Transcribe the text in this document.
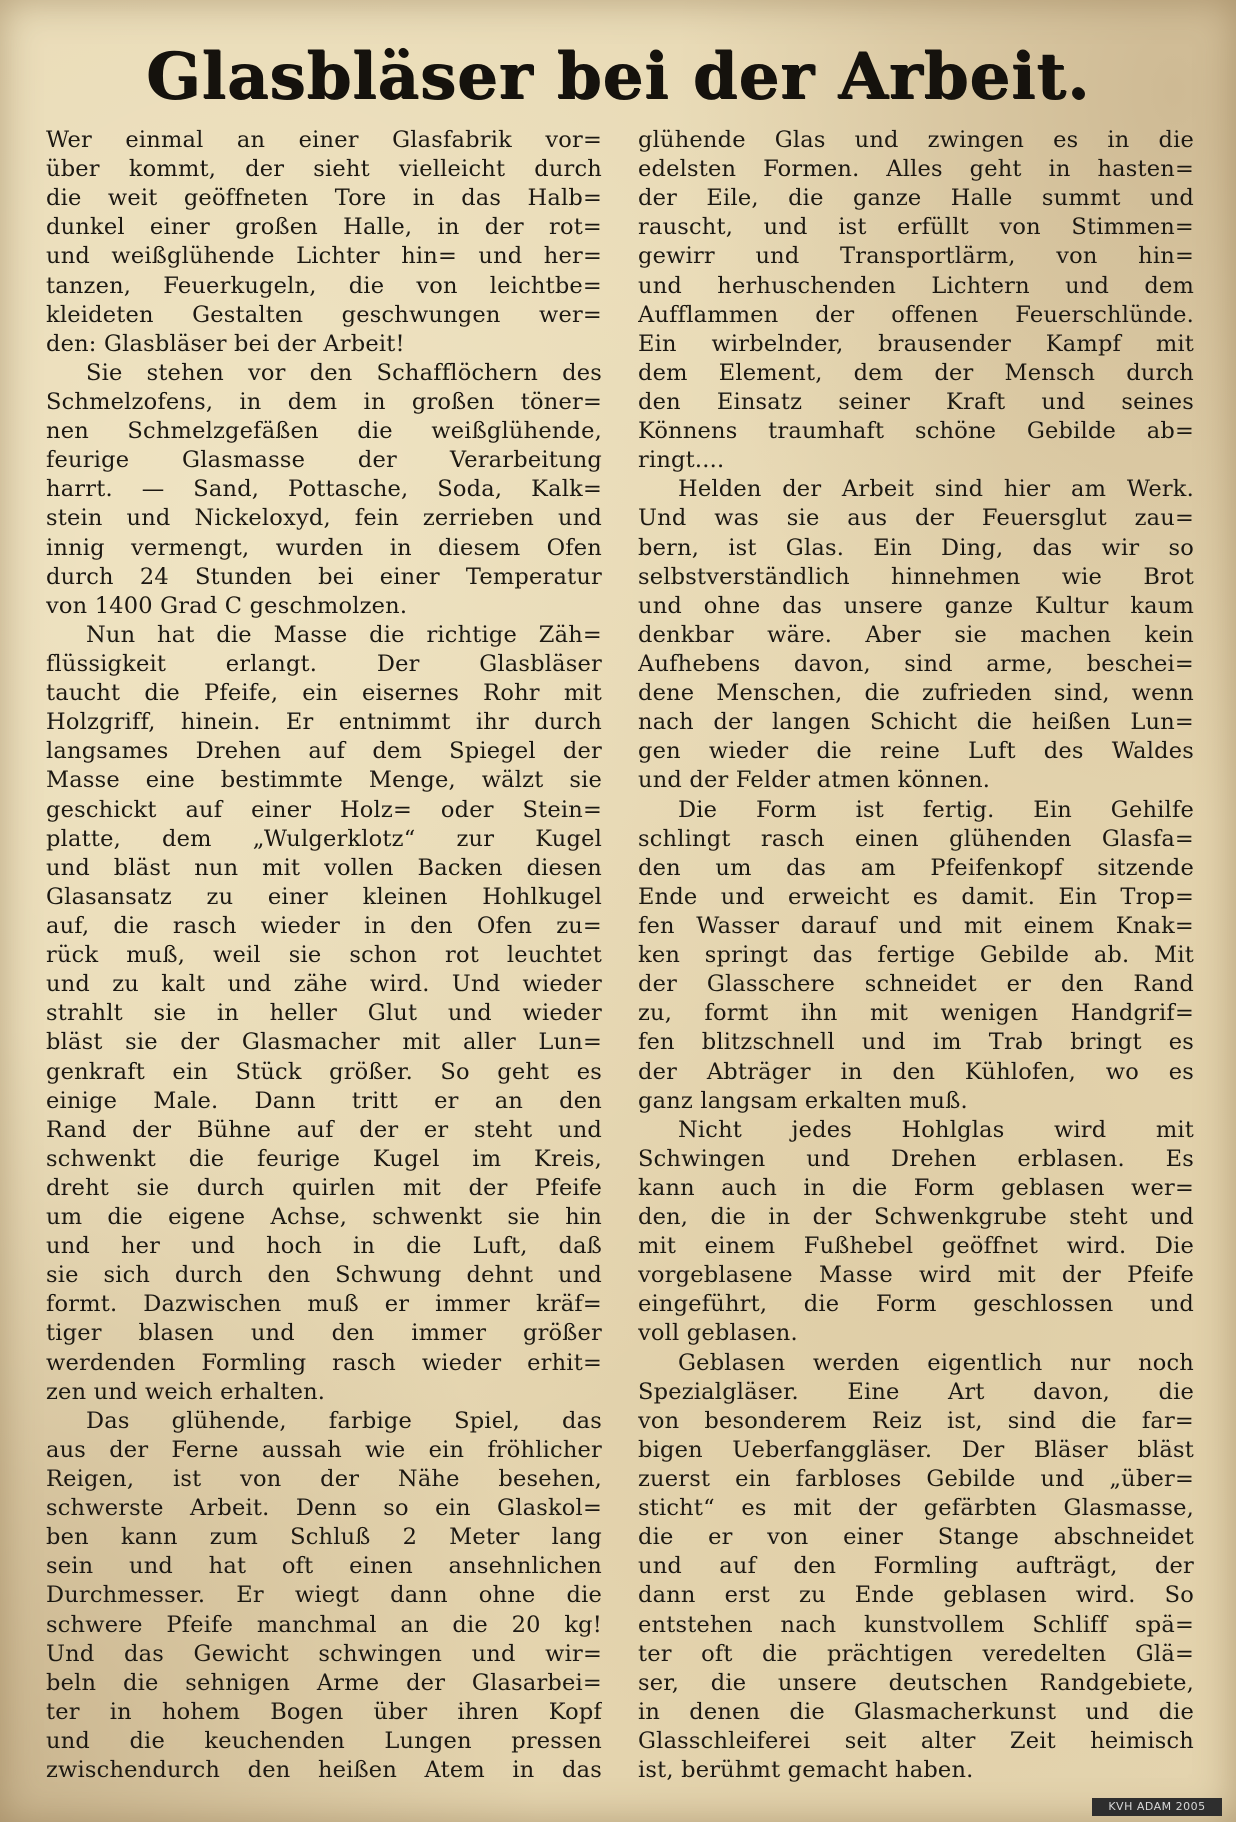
Glasbläser bei der Arbeit.
Wer einmal an einer Glasfabrik vor=
über kommt, der sieht vielleicht durch
die weit geöffneten Tore in das Halb=
dunkel einer großen Halle, in der rot=
und weißglühende Lichter hin= und her=
tanzen, Feuerkugeln, die von leichtbe=
kleideten Gestalten geschwungen wer=
den: Glasbläser bei der Arbeit!
Sie stehen vor den Schafflöchern des
Schmelzofens, in dem in großen töner=
nen Schmelzgefäßen die weißglühende,
feurige Glasmasse der Verarbeitung
harrt. — Sand, Pottasche, Soda, Kalk=
stein und Nickeloxyd, fein zerrieben und
innig vermengt, wurden in diesem Ofen
durch 24 Stunden bei einer Temperatur
von 1400 Grad C geschmolzen.
Nun hat die Masse die richtige Zäh=
flüssigkeit erlangt. Der Glasbläser
taucht die Pfeife, ein eisernes Rohr mit
Holzgriff, hinein. Er entnimmt ihr durch
langsames Drehen auf dem Spiegel der
Masse eine bestimmte Menge, wälzt sie
geschickt auf einer Holz= oder Stein=
platte, dem „Wulgerklotz“ zur Kugel
und bläst nun mit vollen Backen diesen
Glasansatz zu einer kleinen Hohlkugel
auf, die rasch wieder in den Ofen zu=
rück muß, weil sie schon rot leuchtet
und zu kalt und zähe wird. Und wieder
strahlt sie in heller Glut und wieder
bläst sie der Glasmacher mit aller Lun=
genkraft ein Stück größer. So geht es
einige Male. Dann tritt er an den
Rand der Bühne auf der er steht und
schwenkt die feurige Kugel im Kreis,
dreht sie durch quirlen mit der Pfeife
um die eigene Achse, schwenkt sie hin
und her und hoch in die Luft, daß
sie sich durch den Schwung dehnt und
formt. Dazwischen muß er immer kräf=
tiger blasen und den immer größer
werdenden Formling rasch wieder erhit=
zen und weich erhalten.
Das glühende, farbige Spiel, das
aus der Ferne aussah wie ein fröhlicher
Reigen, ist von der Nähe besehen,
schwerste Arbeit. Denn so ein Glaskol=
ben kann zum Schluß 2 Meter lang
sein und hat oft einen ansehnlichen
Durchmesser. Er wiegt dann ohne die
schwere Pfeife manchmal an die 20 kg!
Und das Gewicht schwingen und wir=
beln die sehnigen Arme der Glasarbei=
ter in hohem Bogen über ihren Kopf
und die keuchenden Lungen pressen
zwischendurch den heißen Atem in das
glühende Glas und zwingen es in die
edelsten Formen. Alles geht in hasten=
der Eile, die ganze Halle summt und
rauscht, und ist erfüllt von Stimmen=
gewirr und Transportlärm, von hin=
und herhuschenden Lichtern und dem
Aufflammen der offenen Feuerschlünde.
Ein wirbelnder, brausender Kampf mit
dem Element, dem der Mensch durch
den Einsatz seiner Kraft und seines
Könnens traumhaft schöne Gebilde ab=
ringt....
Helden der Arbeit sind hier am Werk.
Und was sie aus der Feuersglut zau=
bern, ist Glas. Ein Ding, das wir so
selbstverständlich hinnehmen wie Brot
und ohne das unsere ganze Kultur kaum
denkbar wäre. Aber sie machen kein
Aufhebens davon, sind arme, beschei=
dene Menschen, die zufrieden sind, wenn
nach der langen Schicht die heißen Lun=
gen wieder die reine Luft des Waldes
und der Felder atmen können.
Die Form ist fertig. Ein Gehilfe
schlingt rasch einen glühenden Glasfa=
den um das am Pfeifenkopf sitzende
Ende und erweicht es damit. Ein Trop=
fen Wasser darauf und mit einem Knak=
ken springt das fertige Gebilde ab. Mit
der Glasschere schneidet er den Rand
zu, formt ihn mit wenigen Handgrif=
fen blitzschnell und im Trab bringt es
der Abträger in den Kühlofen, wo es
ganz langsam erkalten muß.
Nicht jedes Hohlglas wird mit
Schwingen und Drehen erblasen. Es
kann auch in die Form geblasen wer=
den, die in der Schwenkgrube steht und
mit einem Fußhebel geöffnet wird. Die
vorgeblasene Masse wird mit der Pfeife
eingeführt, die Form geschlossen und
voll geblasen.
Geblasen werden eigentlich nur noch
Spezialgläser. Eine Art davon, die
von besonderem Reiz ist, sind die far=
bigen Ueberfanggläser. Der Bläser bläst
zuerst ein farbloses Gebilde und „über=
sticht“ es mit der gefärbten Glasmasse,
die er von einer Stange abschneidet
und auf den Formling aufträgt, der
dann erst zu Ende geblasen wird. So
entstehen nach kunstvollem Schliff spä=
ter oft die prächtigen veredelten Glä=
ser, die unsere deutschen Randgebiete,
in denen die Glasmacherkunst und die
Glasschleiferei seit alter Zeit heimisch
ist, berühmt gemacht haben.
KVH ADAM 2005
